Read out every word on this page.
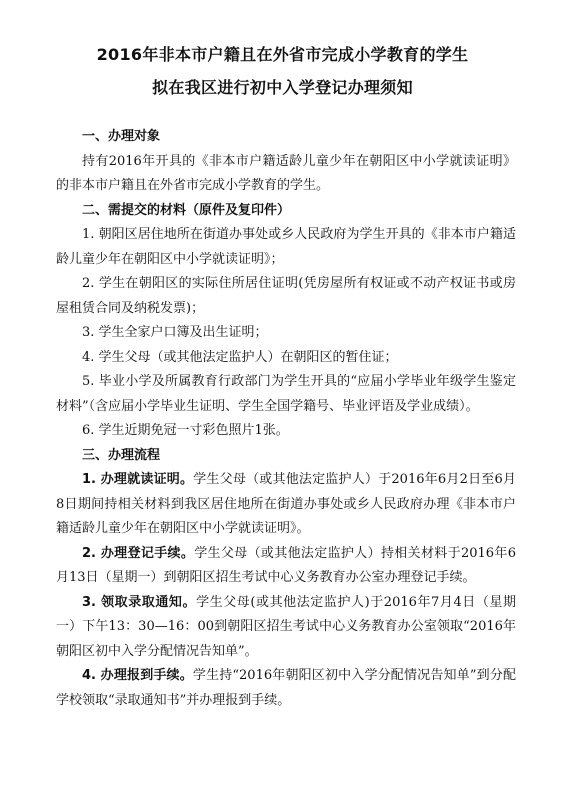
2016年非本市户籍且在外省市完成小学教育的学生
拟在我区进行初中入学登记办理须知

一、办理对象

持有2016年开具的《非本市户籍适龄儿童少年在朝阳区中小学就读证明》的非本市户籍且在外省市完成小学教育的学生。

二、需提交的材料（原件及复印件）

1. 朝阳区居住地所在街道办事处或乡人民政府为学生开具的《非本市户籍适龄儿童少年在朝阳区中小学就读证明》；

2. 学生在朝阳区的实际住所居住证明(凭房屋所有权证或不动产权证书或房屋租赁合同及纳税发票)；

3. 学生全家户口簿及出生证明；

4. 学生父母（或其他法定监护人）在朝阳区的暂住证；

5. 毕业小学及所属教育行政部门为学生开具的“应届小学毕业年级学生鉴定材料”（含应届小学毕业生证明、学生全国学籍号、毕业评语及学业成绩）。

6. 学生近期免冠一寸彩色照片1张。

三、办理流程

1. 办理就读证明。学生父母（或其他法定监护人）于2016年6月2日至6月 8日期间持相关材料到我区居住地所在街道办事处或乡人民政府办理《非本市户籍适龄儿童少年在朝阳区中小学就读证明》。

2. 办理登记手续。学生父母（或其他法定监护人）持相关材料于2016年6月13日（星期一）到朝阳区招生考试中心义务教育办公室办理登记手续。

3. 领取录取通知。学生父母(或其他法定监护人)于2016年7月4日（星期一）下午13：30—16：00到朝阳区招生考试中心义务教育办公室领取“2016年朝阳区初中入学分配情况告知单”。

4. 办理报到手续。学生持“2016年朝阳区初中入学分配情况告知单”到分配学校领取“录取通知书”并办理报到手续。
